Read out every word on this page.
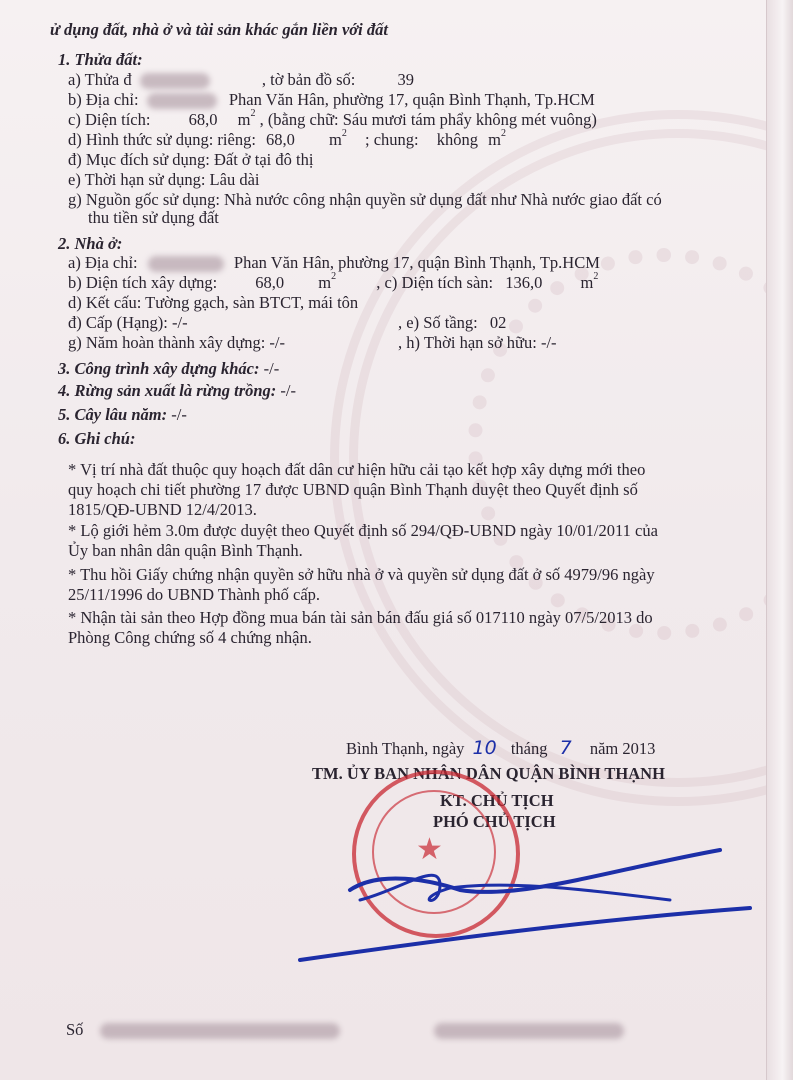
ử dụng đất, nhà ở và tài sản khác gắn liền với đất
1. Thửa đất:
a) Thửa đ	, tờ bản đồ số:	39
b) Địa chỉ:	Phan Văn Hân, phường 17, quận Bình Thạnh, Tp.HCM
c) Diện tích: 68,0 $m^2$ , (bằng chữ: Sáu mươi tám phẩy không mét vuông)
d) Hình thức sử dụng: riêng: 68,0 $m^2$ ; chung: không $m^2$
đ) Mục đích sử dụng: Đất ở tại đô thị
e) Thời hạn sử dụng: Lâu dài
g) Nguồn gốc sử dụng: Nhà nước công nhận quyền sử dụng đất như Nhà nước giao đất có
thu tiền sử dụng đất
2. Nhà ở:
a) Địa chỉ:	Phan Văn Hân, phường 17, quận Bình Thạnh, Tp.HCM
b) Diện tích xây dựng: 68,0 $m^2$ , c) Diện tích sàn: 136,0 $m^2$
d) Kết cấu: Tường gạch, sàn BTCT, mái tôn
đ) Cấp (Hạng): -/-	, e) Số tầng: 02
g) Năm hoàn thành xây dựng: -/-	, h) Thời hạn sở hữu: -/-
3. Công trình xây dựng khác: -/-
4. Rừng sản xuất là rừng trồng: -/-
5. Cây lâu năm: -/-
6. Ghi chú:
* Vị trí nhà đất thuộc quy hoạch đất dân cư hiện hữu cải tạo kết hợp xây dựng mới theo
quy hoạch chi tiết phường 17 được UBND quận Bình Thạnh duyệt theo Quyết định số
1815/QĐ-UBND 12/4/2013.
* Lộ giới hẻm 3.0m được duyệt theo Quyết định số 294/QĐ-UBND ngày 10/01/2011 của
Ủy ban nhân dân quận Bình Thạnh.
* Thu hồi Giấy chứng nhận quyền sở hữu nhà ở và quyền sử dụng đất ở số 4979/96 ngày
25/11/1996 do UBND Thành phố cấp.
* Nhận tài sản theo Hợp đồng mua bán tài sản bán đấu giá số 017110 ngày 07/5/2013 do
Phòng Công chứng số 4 chứng nhận.
Bình Thạnh, ngày 10 tháng 7 năm 2013
TM. ỦY BAN NHÂN DÂN QUẬN BÌNH THẠNH
KT. CHỦ TỊCH
PHÓ CHỦ TỊCH
★
Số
